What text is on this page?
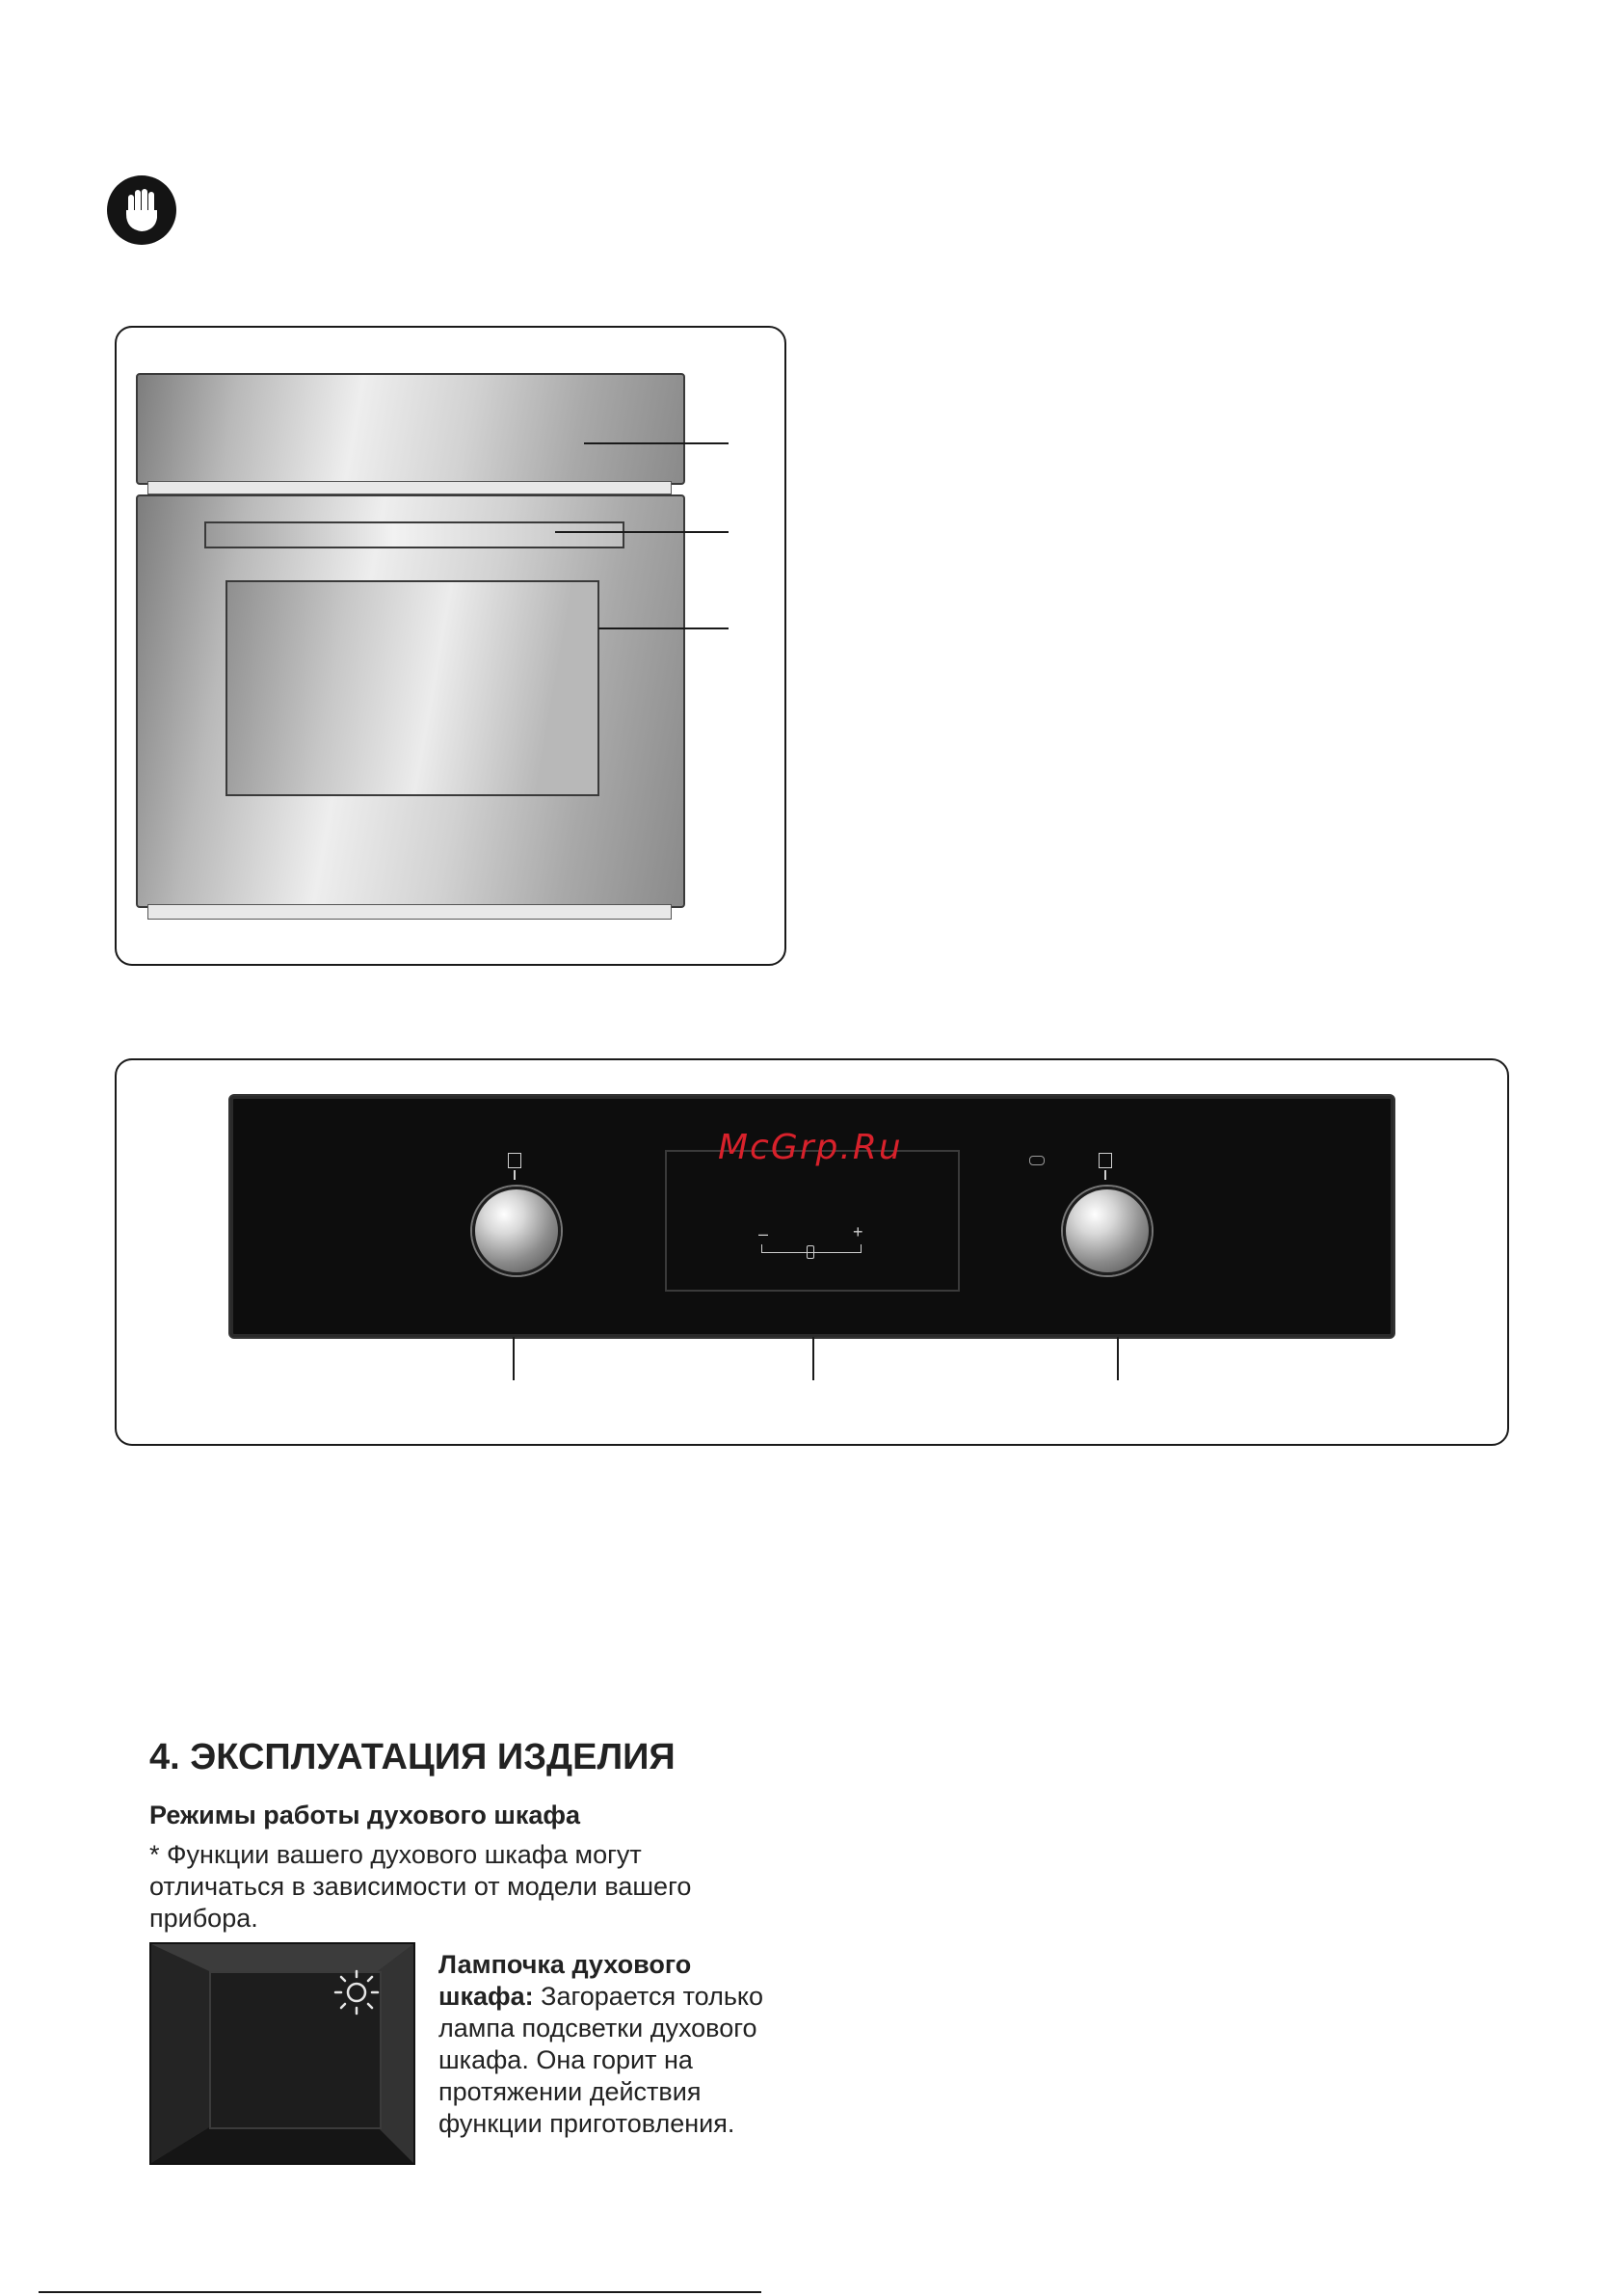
McGrp.Ru
–	+
4. ЭКСПЛУАТАЦИЯ ИЗДЕЛИЯ
Режимы работы духового шкафа
* Функции вашего духового шкафа могут отличаться в зависимости от модели вашего прибора.
Лампочка духового шкафа: Загорается только лампа подсветки духового шкафа. Она горит на протяжении действия функции приготовления.
